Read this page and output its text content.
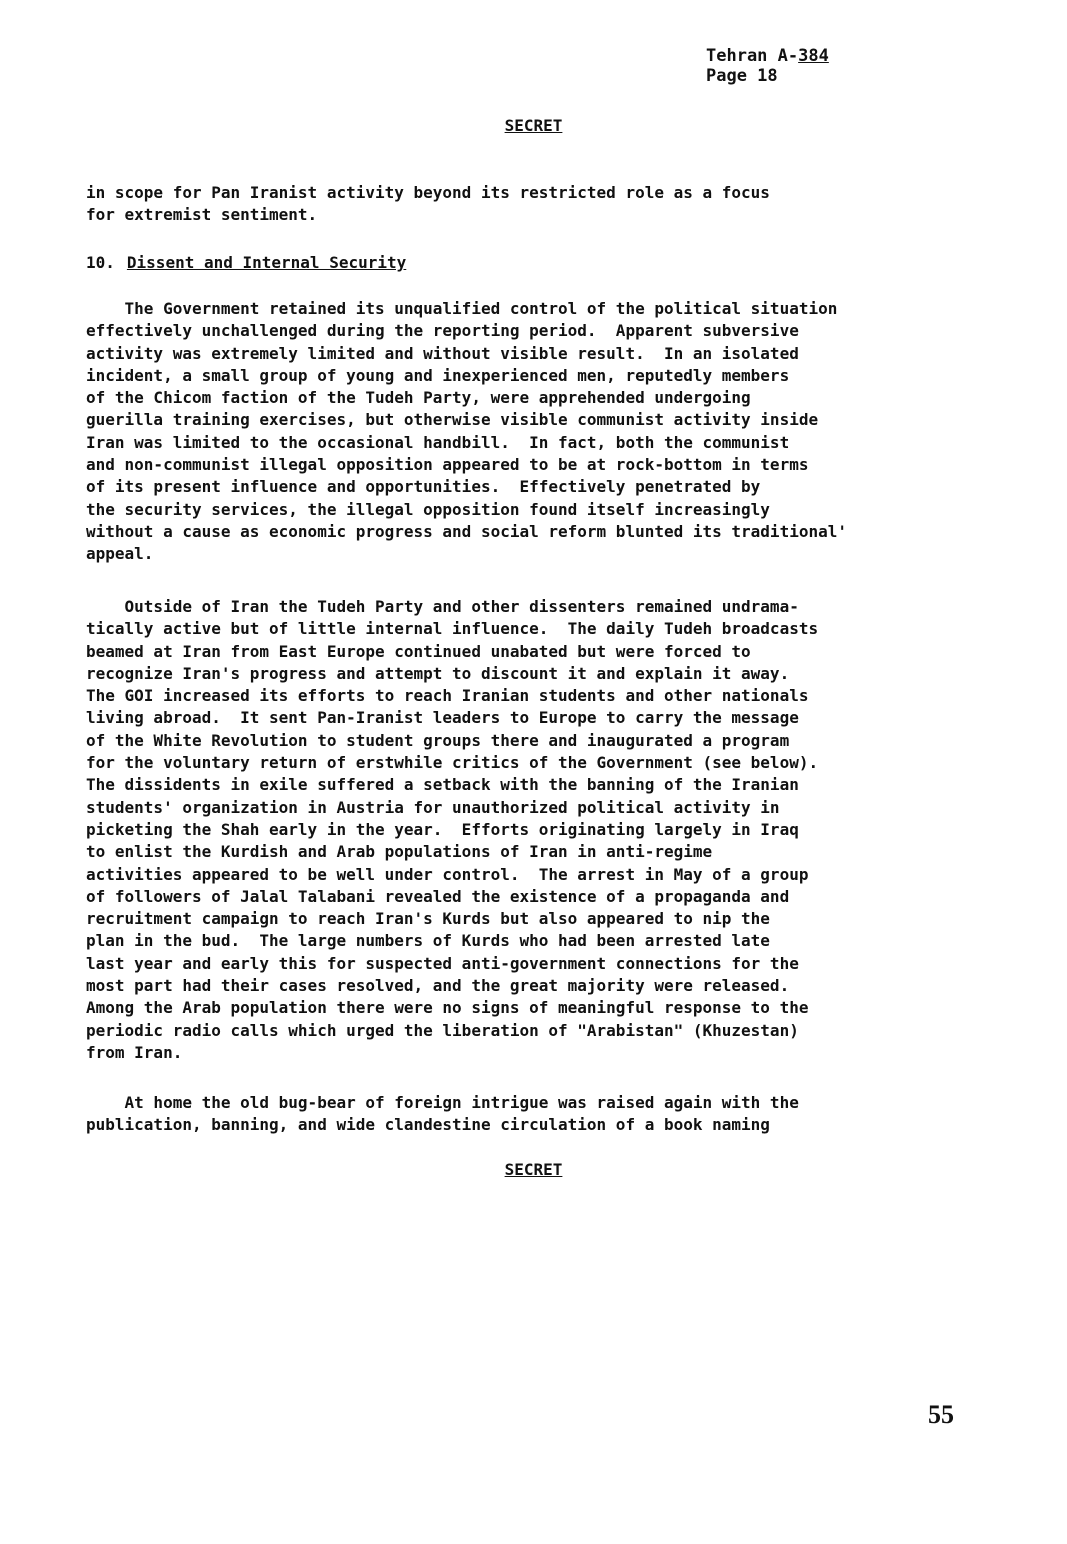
Tehran A-384
Page 18
SECRET
in scope for Pan Iranist activity beyond its restricted role as a focus
for extremist sentiment.
10. Dissent and Internal Security
The Government retained its unqualified control of the political situation
effectively unchallenged during the reporting period.  Apparent subversive
activity was extremely limited and without visible result.  In an isolated
incident, a small group of young and inexperienced men, reputedly members
of the Chicom faction of the Tudeh Party, were apprehended undergoing
guerilla training exercises, but otherwise visible communist activity inside
Iran was limited to the occasional handbill.  In fact, both the communist
and non-communist illegal opposition appeared to be at rock-bottom in terms
of its present influence and opportunities.  Effectively penetrated by
the security services, the illegal opposition found itself increasingly
without a cause as economic progress and social reform blunted its traditional'
appeal.
Outside of Iran the Tudeh Party and other dissenters remained undrama-
tically active but of little internal influence.  The daily Tudeh broadcasts
beamed at Iran from East Europe continued unabated but were forced to
recognize Iran's progress and attempt to discount it and explain it away.
The GOI increased its efforts to reach Iranian students and other nationals
living abroad.  It sent Pan-Iranist leaders to Europe to carry the message
of the White Revolution to student groups there and inaugurated a program
for the voluntary return of erstwhile critics of the Government (see below).
The dissidents in exile suffered a setback with the banning of the Iranian
students' organization in Austria for unauthorized political activity in
picketing the Shah early in the year.  Efforts originating largely in Iraq
to enlist the Kurdish and Arab populations of Iran in anti-regime
activities appeared to be well under control.  The arrest in May of a group
of followers of Jalal Talabani revealed the existence of a propaganda and
recruitment campaign to reach Iran's Kurds but also appeared to nip the
plan in the bud.  The large numbers of Kurds who had been arrested late
last year and early this for suspected anti-government connections for the
most part had their cases resolved, and the great majority were released.
Among the Arab population there were no signs of meaningful response to the
periodic radio calls which urged the liberation of "Arabistan" (Khuzestan)
from Iran.
At home the old bug-bear of foreign intrigue was raised again with the
publication, banning, and wide clandestine circulation of a book naming
SECRET
55
